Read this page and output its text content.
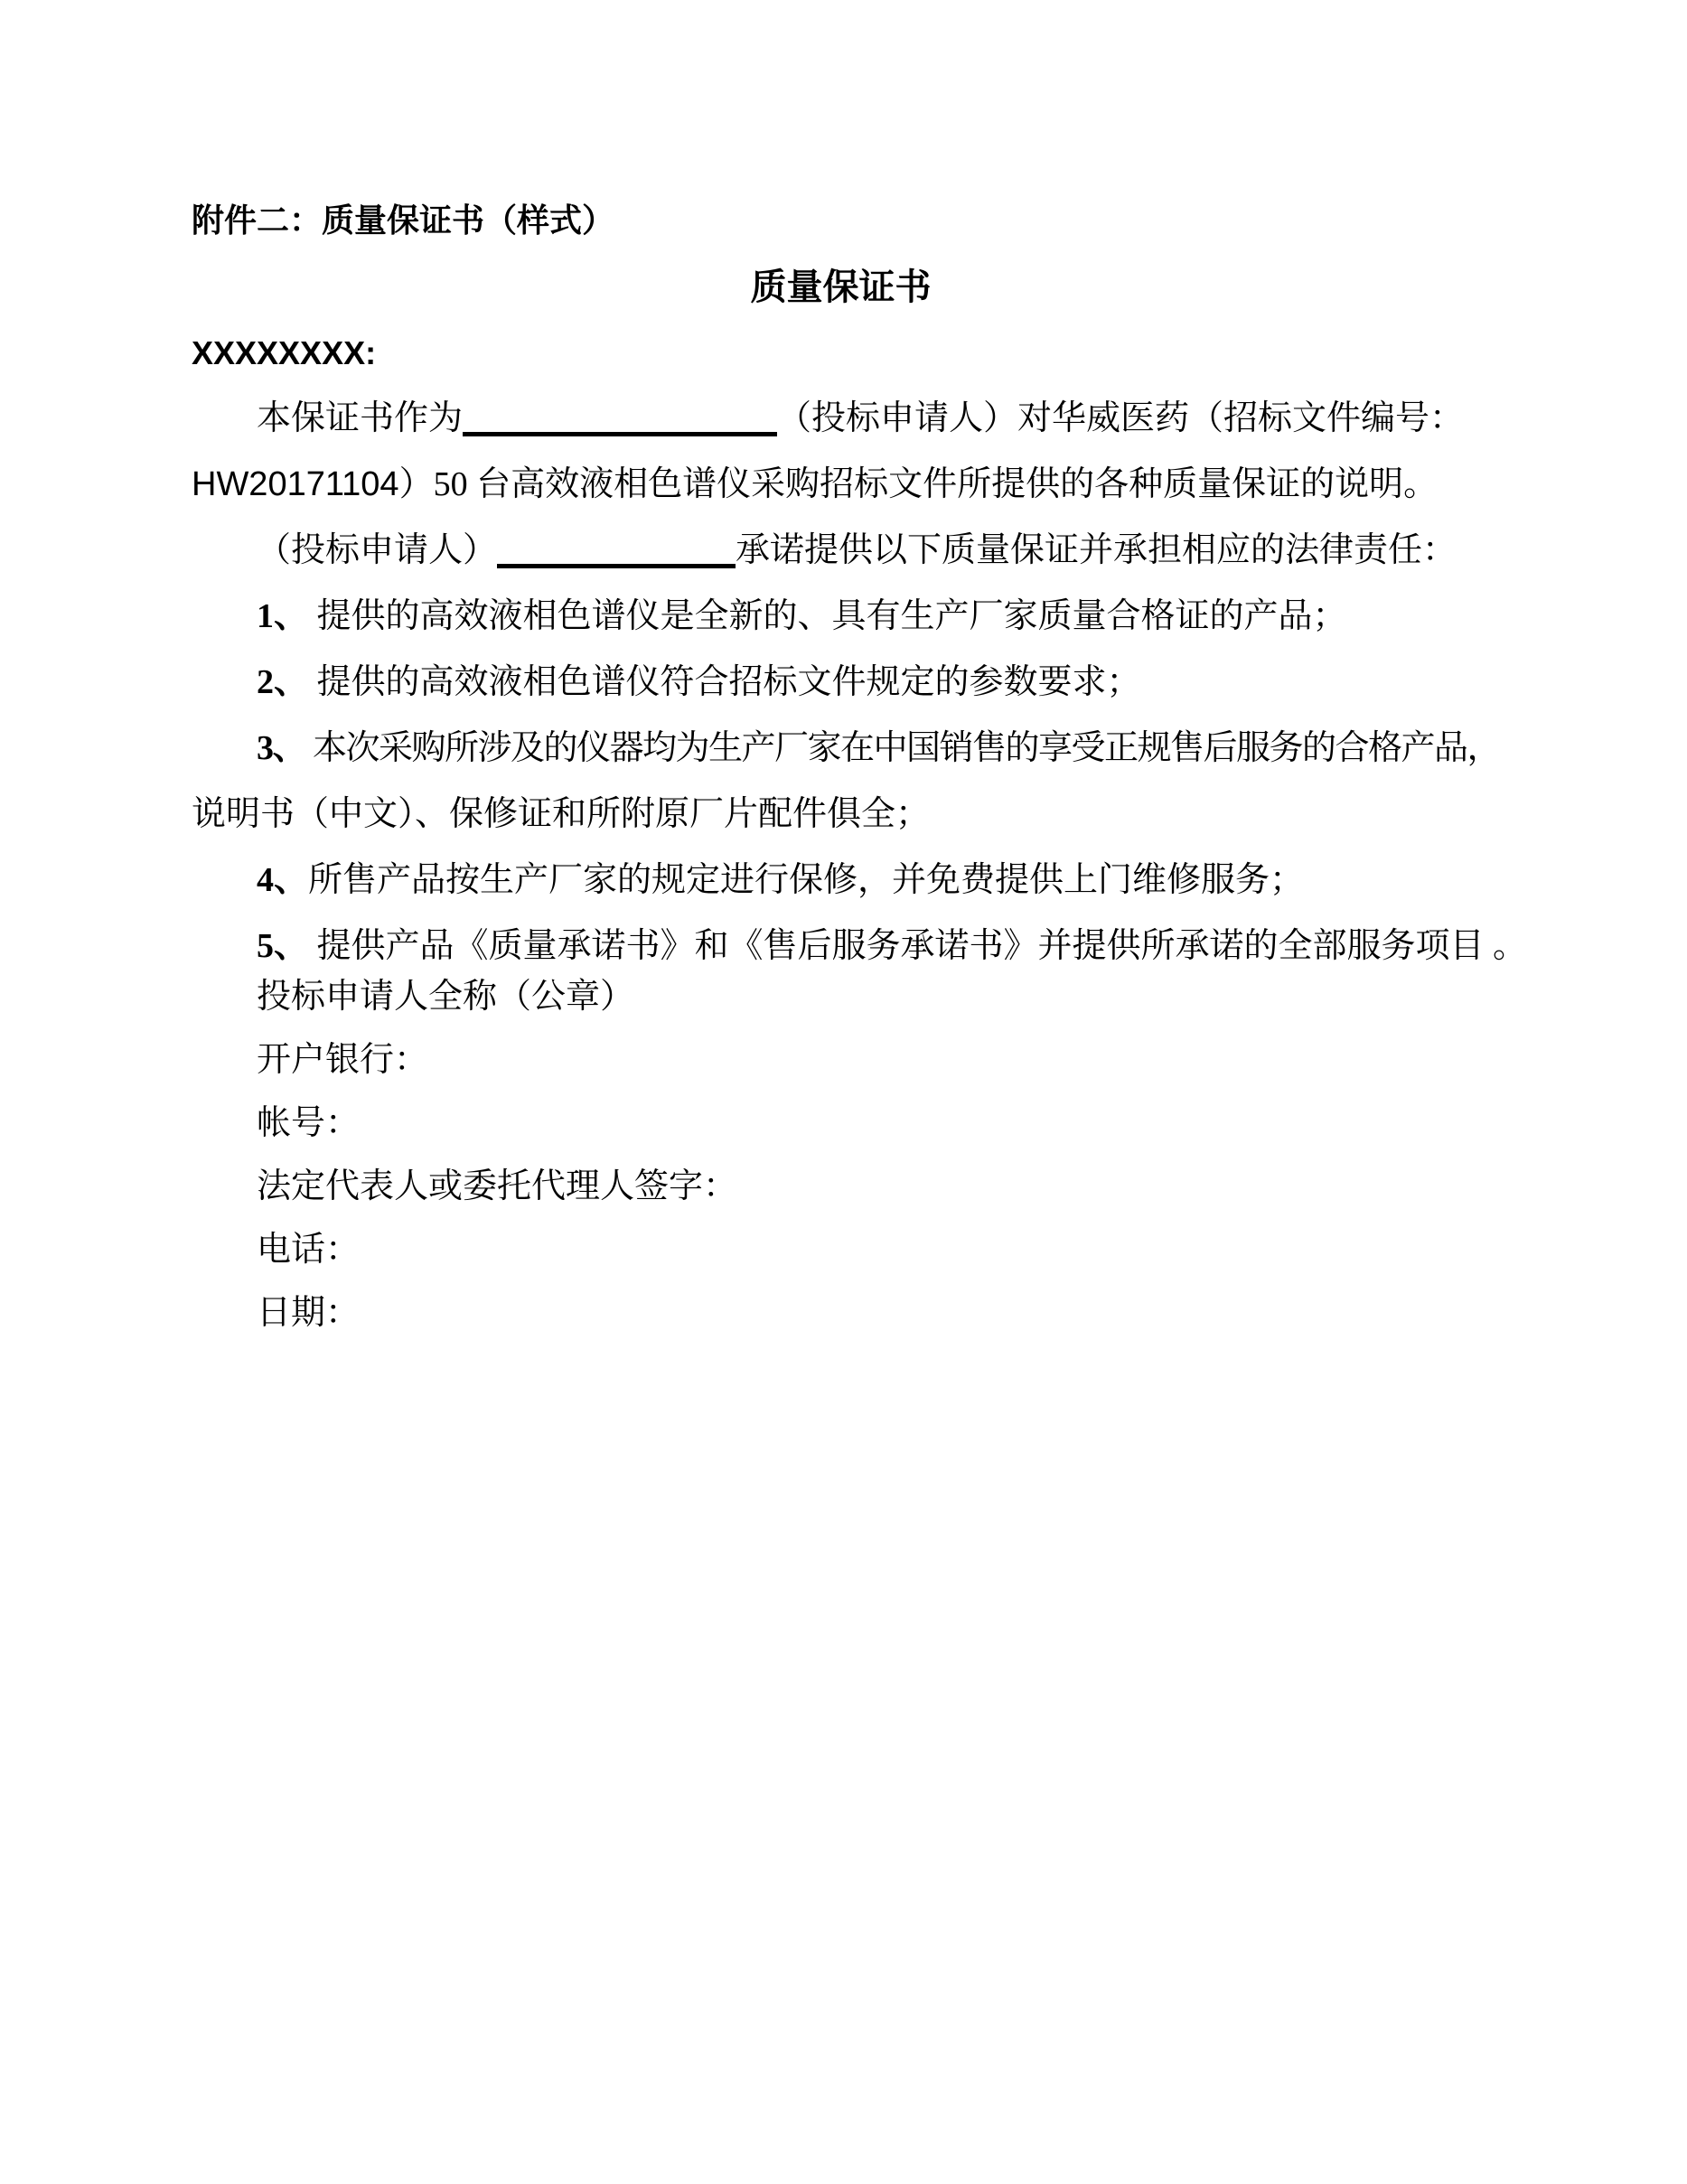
附件二：质量保证书（样式）
质量保证书
XXXXXXXX:
本保证书作为	（投标申请人）对华威医药（招标文件编号：
HW20171104）50 台高效液相色谱仪采购招标文件所提供的各种质量保证的说明。
（投标申请人）	承诺提供以下质量保证并承担相应的法律责任：
1、 提供的高效液相色谱仪是全新的、具有生产厂家质量合格证的产品；
2、 提供的高效液相色谱仪符合招标文件规定的参数要求；
3、 本次采购所涉及的仪器均为生产厂家在中国销售的享受正规售后服务的合格产品，
说明书（中文）、保修证和所附原厂片配件俱全；
4、所售产品按生产厂家的规定进行保修，并免费提供上门维修服务；
5、 提供产品《质量承诺书》和《售后服务承诺书》并提供所承诺的全部服务项目 。
投标申请人全称（公章）
开户银行：
帐号：
法定代表人或委托代理人签字：
电话：
日期：
